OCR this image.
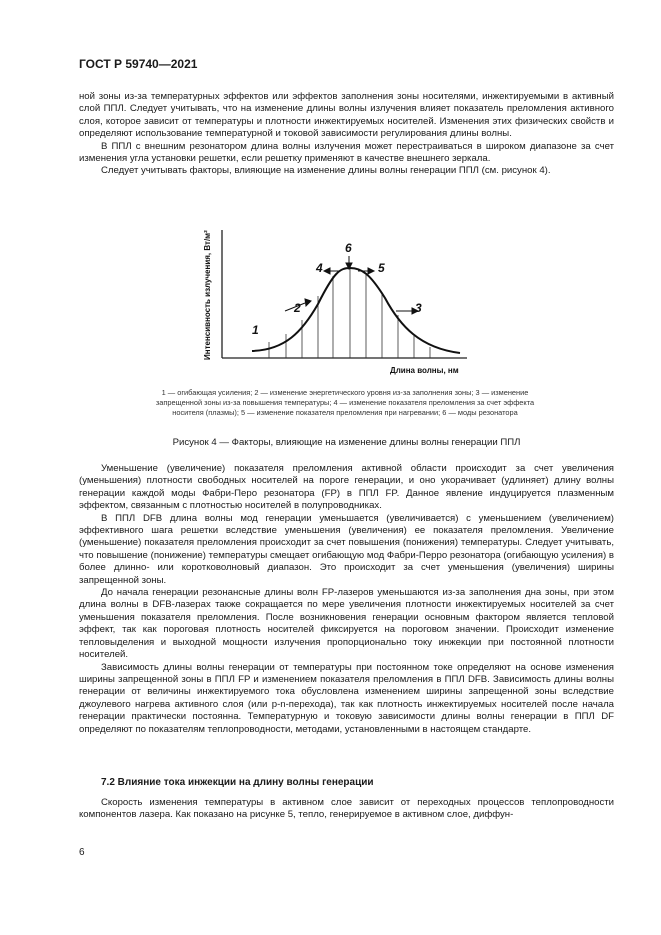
ГОСТ Р 59740—2021

ной зоны из-за температурных эффектов или эффектов заполнения зоны носителями, инжектируемыми в активный слой ППЛ. Следует учитывать, что на изменение длины волны излучения влияет показатель преломления активного слоя, которое зависит от температуры и плотности инжектируемых носителей. Изменения этих физических свойств и определяют использование температурной и токовой зависимости регулирования длины волны.

В ППЛ с внешним резонатором длина волны излучения может перестраиваться в широком диапазоне за счет изменения угла установки решетки, если решетку применяют в качестве внешнего зеркала.

Следует учитывать факторы, влияющие на изменение длины волны генерации ППЛ (см. рисунок 4).

1
2	3
4	5
6
Интенсивность излучения, Вт/м²
Длина волны, нм
1 — огибающая усиления; 2 — изменение энергетического уровня из-за заполнения зоны; 3 — изменение запрещенной зоны из-за повышения температуры; 4 — изменение показателя преломления за счет эффекта носителя (плазмы); 5 — изменение показателя преломления при нагревании; 6 — моды резонатора
Рисунок 4 — Факторы, влияющие на изменение длины волны генерации ППЛ

Уменьшение (увеличение) показателя преломления активной области происходит за счет увеличения (уменьшения) плотности свободных носителей на пороге генерации, и оно укорачивает (удлиняет) длину волны генерации каждой моды Фабри-Перо резонатора (FP) в ППЛ FP. Данное явление индуцируется плазменным эффектом, связанным с плотностью носителей в полупроводниках.

В ППЛ DFB длина волны мод генерации уменьшается (увеличивается) с уменьшением (увеличением) эффективного шага решетки вследствие уменьшения (увеличения) ее показателя преломления. Увеличение (уменьшение) показателя преломления происходит за счет повышения (понижения) температуры. Следует учитывать, что повышение (понижение) температуры смещает огибающую мод Фабри-Перро резонатора (огибающую усиления) в более длинно- или коротковолновый диапазон. Это происходит за счет уменьшения (увеличения) ширины запрещенной зоны.

До начала генерации резонансные длины волн FP-лазеров уменьшаются из-за заполнения дна зоны, при этом длина волны в DFB-лазерах также сокращается по мере увеличения плотности инжектируемых носителей за счет уменьшения показателя преломления. После возникновения генерации основным фактором является тепловой эффект, так как пороговая плотность носителей фиксируется на пороговом значении. Происходит изменение тепловыделения и выходной мощности излучения пропорционально току инжекции при постоянной плотности носителей.

Зависимость длины волны генерации от температуры при постоянном токе определяют на основе изменения ширины запрещенной зоны в ППЛ FP и изменением показателя преломления в ППЛ DFB. Зависимость длины волны генерации от величины инжектируемого тока обусловлена изменением ширины запрещенной зоны вследствие джоулевого нагрева активного слоя (или p-n-перехода), так как плотность инжектируемых носителей после начала генерации практически постоянна. Температурную и токовую зависимости длины волны генерации в ППЛ DF определяют по показателям теплопроводности, методами, установленными в настоящем стандарте.

7.2 Влияние тока инжекции на длину волны генерации

Скорость изменения температуры в активном слое зависит от переходных процессов теплопроводности компонентов лазера. Как показано на рисунке 5, тепло, генерируемое в активном слое, диффун-

6
